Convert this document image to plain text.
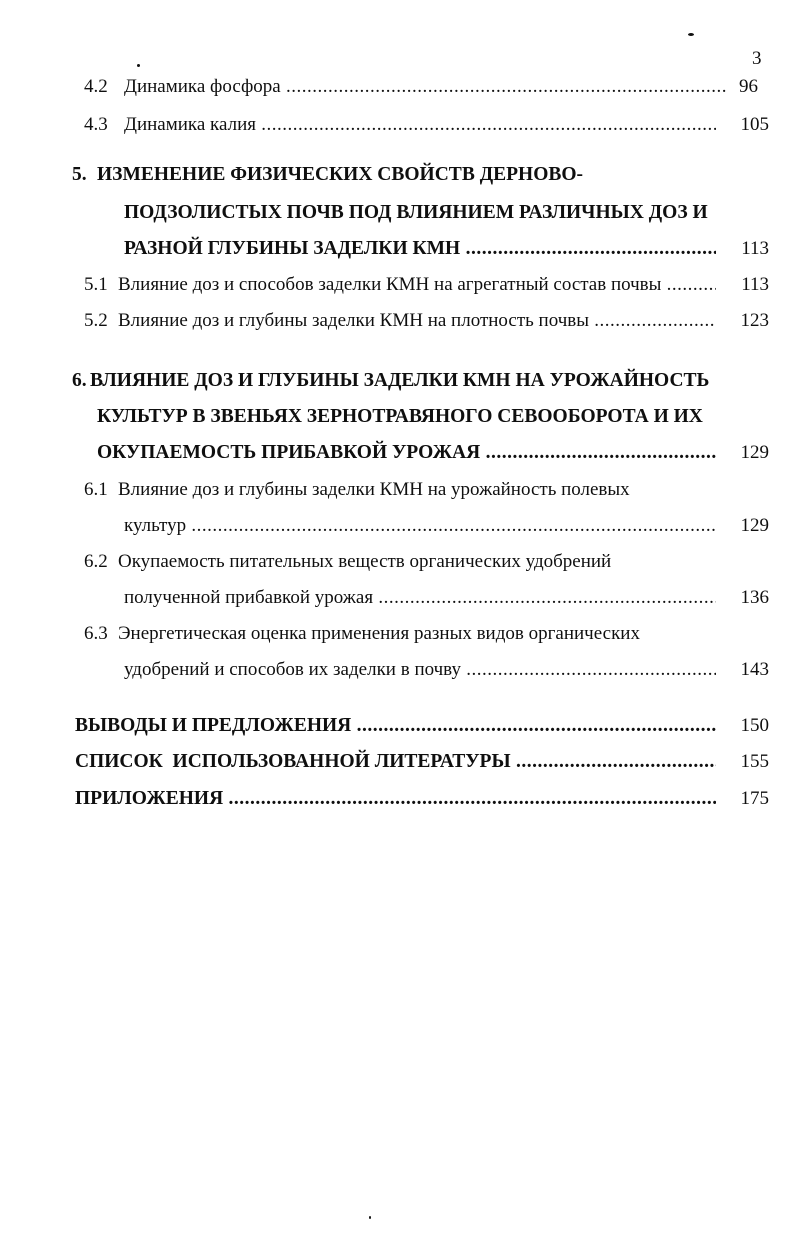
3
4.2 Динамика фосфора .....	96
4.3 Динамика калия .....	105
5. ИЗМЕНЕНИЕ ФИЗИЧЕСКИХ СВОЙСТВ ДЕРНОВО-
ПОДЗОЛИСТЫХ ПОЧВ ПОД ВЛИЯНИЕМ РАЗЛИЧНЫХ ДОЗ И
РАЗНОЙ ГЛУБИНЫ ЗАДЕЛКИ КМН .....	113
5.1 Влияние доз и способов заделки КМН на агрегатный состав почвы .....	113
5.2 Влияние доз и глубины заделки КМН на плотность почвы .....	123
6. ВЛИЯНИЕ ДОЗ И ГЛУБИНЫ ЗАДЕЛКИ КМН НА УРОЖАЙНОСТЬ
КУЛЬТУР В ЗВЕНЬЯХ ЗЕРНОТРАВЯНОГО СЕВООБОРОТА И ИХ
ОКУПАЕМОСТЬ ПРИБАВКОЙ УРОЖАЯ .....	129
6.1 Влияние доз и глубины заделки КМН на урожайность полевых
культур .....	129
6.2 Окупаемость питательных веществ органических удобрений
полученной прибавкой урожая .....	136
6.3 Энергетическая оценка применения разных видов органических
удобрений и способов их заделки в почву .....	143
ВЫВОДЫ И ПРЕДЛОЖЕНИЯ .....	150
СПИСОК  ИСПОЛЬЗОВАННОЙ ЛИТЕРАТУРЫ .....	155
ПРИЛОЖЕНИЯ .....	175
